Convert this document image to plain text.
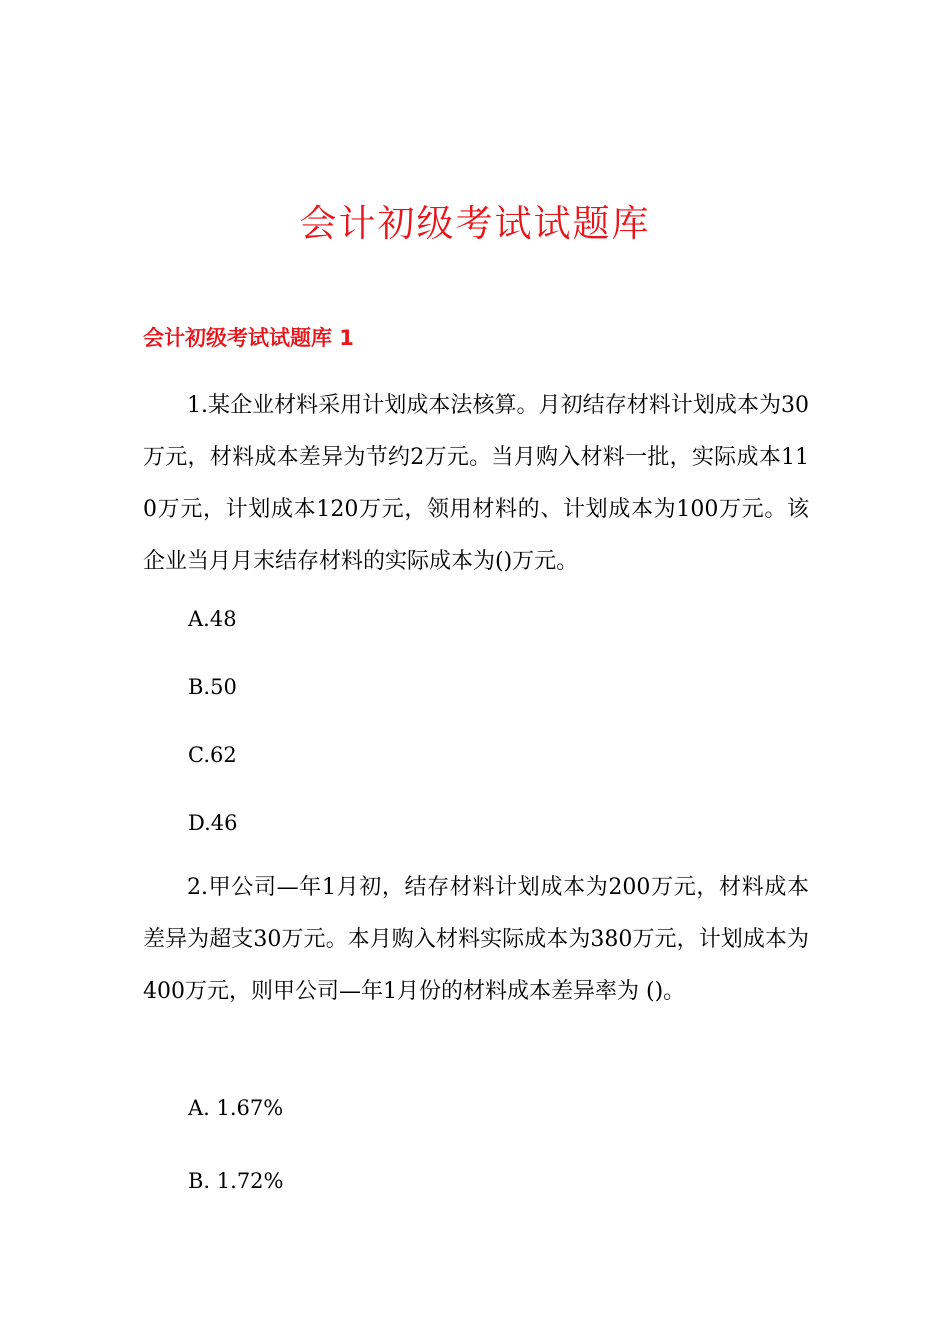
会计初级考试试题库
会计初级考试试题库 1
1.某企业材料采用计划成本法核算。月初结存材料计划成本为30万元，材料成本差异为节约2万元。当月购入材料一批，实际成本110万元，计划成本120万元，领用材料的、计划成本为100万元。该企业当月月末结存材料的实际成本为()万元。
A.48
B.50
C.62
D.46
2.甲公司—年1月初，结存材料计划成本为200万元，材料成本差异为超支30万元。本月购入材料实际成本为380万元，计划成本为400万元，则甲公司—年1月份的材料成本差异率为 ()。
A. 1.67%
B. 1.72%
